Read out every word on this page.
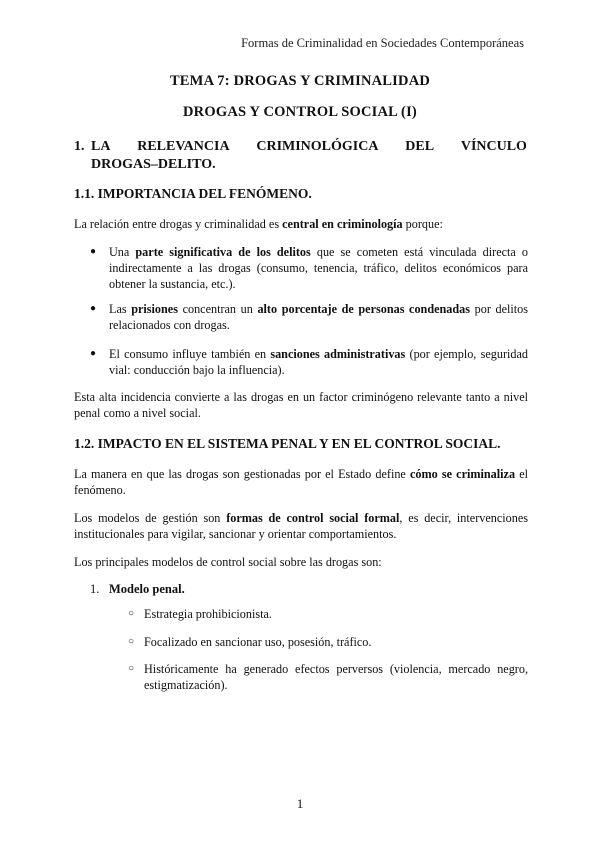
Formas de Criminalidad en Sociedades Contemporáneas
TEMA 7: DROGAS Y CRIMINALIDAD
DROGAS Y CONTROL SOCIAL (I)
1. LA RELEVANCIA CRIMINOLÓGICA DEL VÍNCULO
DROGAS–DELITO.
1.1. IMPORTANCIA DEL FENÓMENO.

La relación entre drogas y criminalidad es central en criminología porque:

● Una parte significativa de los delitos que se cometen está vinculada directa o indirectamente a las drogas (consumo, tenencia, tráfico, delitos económicos para obtener la sustancia, etc.).

● Las prisiones concentran un alto porcentaje de personas condenadas por delitos relacionados con drogas.

● El consumo influye también en sanciones administrativas (por ejemplo, seguridad vial: conducción bajo la influencia).

Esta alta incidencia convierte a las drogas en un factor criminógeno relevante tanto a nivel penal como a nivel social.

1.2. IMPACTO EN EL SISTEMA PENAL Y EN EL CONTROL SOCIAL.

La manera en que las drogas son gestionadas por el Estado define cómo se criminaliza el fenómeno.

Los modelos de gestión son formas de control social formal, es decir, intervenciones institucionales para vigilar, sancionar y orientar comportamientos.

Los principales modelos de control social sobre las drogas son:

1. Modelo penal.
○ Estrategia prohibicionista.

○ Focalizado en sancionar uso, posesión, tráfico.

○ Históricamente ha generado efectos perversos (violencia, mercado negro, estigmatización).

1
